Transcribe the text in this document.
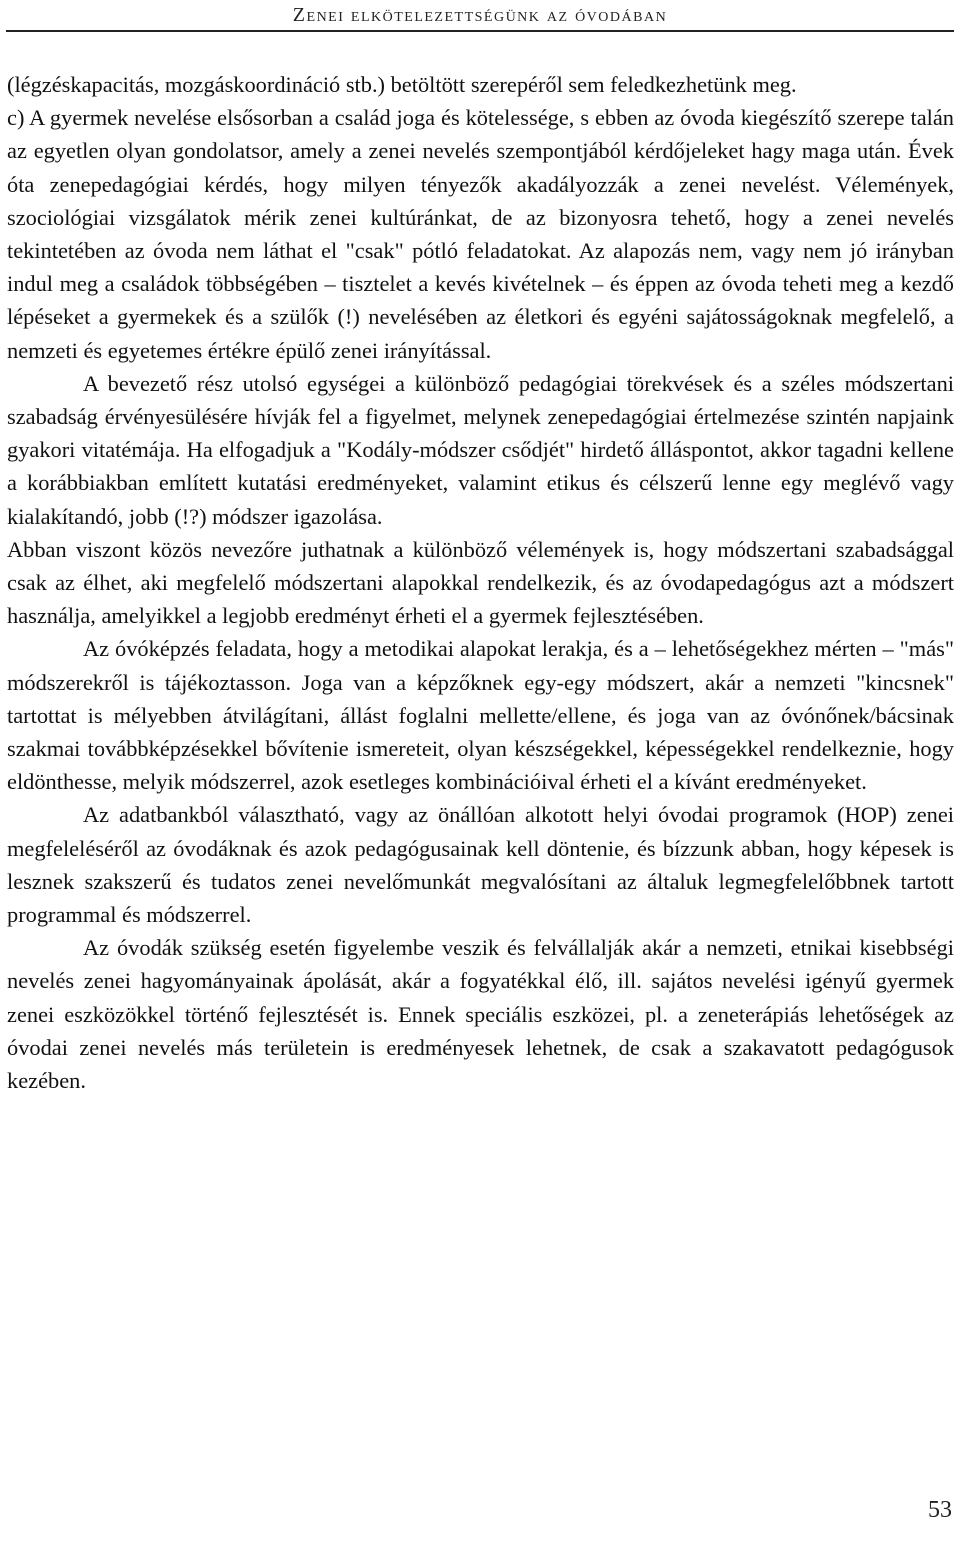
Zenei elkötelezettségünk az óvodában

(légzéskapacitás, mozgáskoordináció stb.) betöltött szerepéről sem feledkezhetünk meg.

c) A gyermek nevelése elsősorban a család joga és kötelessége, s ebben az óvoda kiegészítő szerepe talán az egyetlen olyan gondolatsor, amely a zenei nevelés szempontjából kérdőjeleket hagy maga után. Évek óta zenepedagógiai kérdés, hogy milyen tényezők akadályozzák a zenei nevelést. Vélemények, szociológiai vizsgálatok mérik zenei kultúránkat, de az bizonyosra tehető, hogy a zenei nevelés tekintetében az óvoda nem láthat el "csak" pótló feladatokat. Az alapozás nem, vagy nem jó irányban indul meg a családok többségében – tisztelet a kevés kivételnek – és éppen az óvoda teheti meg a kezdő lépéseket a gyermekek és a szülők (!) nevelésében az életkori és egyéni sajátosságoknak megfelelő, a nemzeti és egyetemes értékre épülő zenei irányítással.

A bevezető rész utolsó egységei a különböző pedagógiai törekvések és a széles módszertani szabadság érvényesülésére hívják fel a figyelmet, melynek zenepedagógiai értelmezése szintén napjaink gyakori vitatémája. Ha elfogadjuk a "Kodály-módszer csődjét" hirdető álláspontot, akkor tagadni kellene a korábbiakban említett kutatási eredményeket, valamint etikus és célszerű lenne egy meglévő vagy kialakítandó, jobb (!?) módszer igazolása.

Abban viszont közös nevezőre juthatnak a különböző vélemények is, hogy módszertani szabadsággal csak az élhet, aki megfelelő módszertani alapokkal rendelkezik, és az óvodapedagógus azt a módszert használja, amelyikkel a legjobb eredményt érheti el a gyermek fejlesztésében.

Az óvóképzés feladata, hogy a metodikai alapokat lerakja, és a – lehetőségekhez mérten – "más" módszerekről is tájékoztasson. Joga van a képzőknek egy-egy módszert, akár a nemzeti "kincsnek" tartottat is mélyebben átvilágítani, állást foglalni mellette/ellene, és joga van az óvónőnek/bácsinak szakmai továbbképzésekkel bővítenie ismereteit, olyan készségekkel, képességekkel rendelkeznie, hogy eldönthesse, melyik módszerrel, azok esetleges kombinációival érheti el a kívánt eredményeket.

Az adatbankból választható, vagy az önállóan alkotott helyi óvodai programok (HOP) zenei megfeleléséről az óvodáknak és azok pedagógusainak kell döntenie, és bízzunk abban, hogy képesek is lesznek szakszerű és tudatos zenei nevelőmunkát megvalósítani az általuk legmegfelelőbbnek tartott programmal és módszerrel.

Az óvodák szükség esetén figyelembe veszik és felvállalják akár a nemzeti, etnikai kisebbségi nevelés zenei hagyományainak ápolását, akár a fogyatékkal élő, ill. sajátos nevelési igényű gyermek zenei eszközökkel történő fejlesztését is. Ennek speciális eszközei, pl. a zeneterápiás lehetőségek az óvodai zenei nevelés más területein is eredményesek lehetnek, de csak a szakavatott pedagógusok kezében.

53
